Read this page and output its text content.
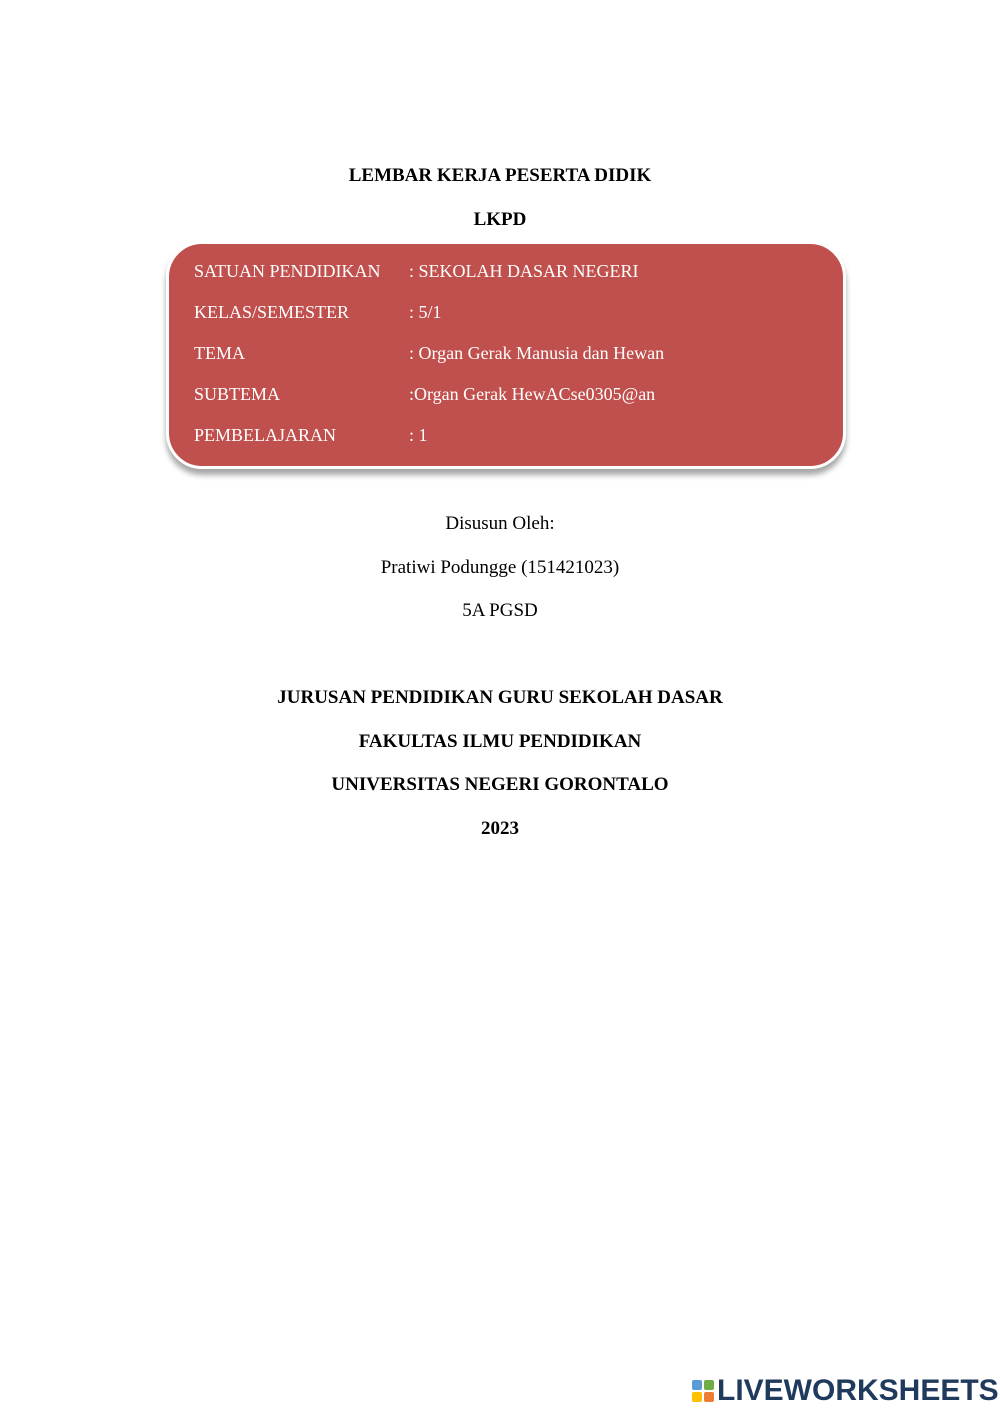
LEMBAR KERJA PESERTA DIDIK
LKPD
SATUAN PENDIDIKAN : SEKOLAH DASAR NEGERI
KELAS/SEMESTER	: 5/1
TEMA	: Organ Gerak Manusia dan Hewan
SUBTEMA	:Organ Gerak HewACse0305@an
PEMBELAJARAN	: 1
Disusun Oleh:
Pratiwi Podungge (151421023)
5A PGSD
JURUSAN PENDIDIKAN GURU SEKOLAH DASAR
FAKULTAS ILMU PENDIDIKAN
UNIVERSITAS NEGERI GORONTALO
2023
LIVEWORKSHEETS
